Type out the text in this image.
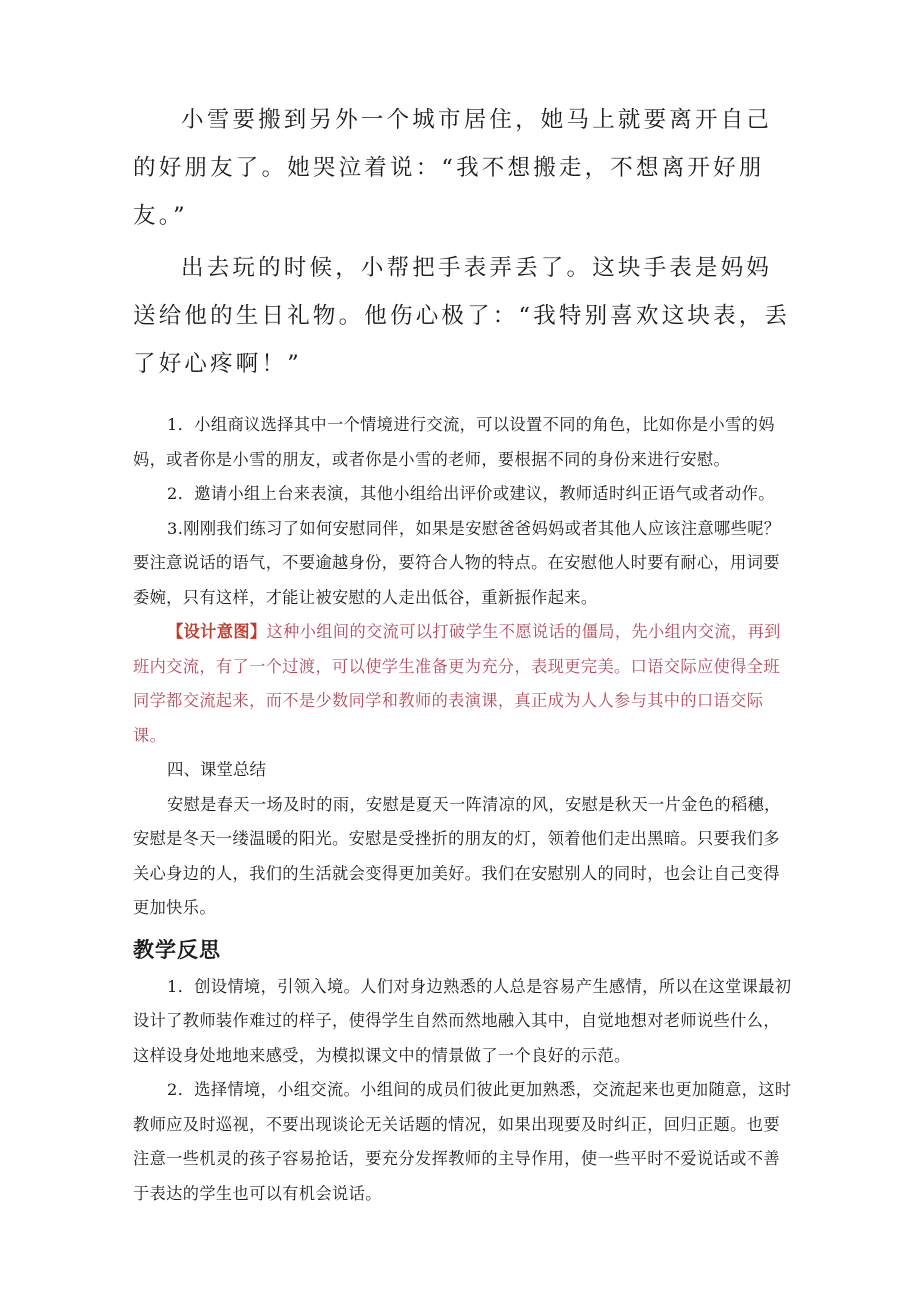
小雪要搬到另外一个城市居住，她马上就要离开自己的好朋友了。她哭泣着说：“我不想搬走，不想离开好朋友。”

出去玩的时候，小帮把手表弄丢了。这块手表是妈妈送给他的生日礼物。他伤心极了：“我特别喜欢这块表，丢了好心疼啊！”

1．小组商议选择其中一个情境进行交流，可以设置不同的角色，比如你是小雪的妈妈，或者你是小雪的朋友，或者你是小雪的老师，要根据不同的身份来进行安慰。

2．邀请小组上台来表演，其他小组给出评价或建议，教师适时纠正语气或者动作。

3.刚刚我们练习了如何安慰同伴，如果是安慰爸爸妈妈或者其他人应该注意哪些呢？要注意说话的语气，不要逾越身份，要符合人物的特点。在安慰他人时要有耐心，用词要委婉，只有这样，才能让被安慰的人走出低谷，重新振作起来。

【设计意图】这种小组间的交流可以打破学生不愿说话的僵局，先小组内交流，再到班内交流，有了一个过渡，可以使学生准备更为充分，表现更完美。口语交际应使得全班同学都交流起来，而不是少数同学和教师的表演课，真正成为人人参与其中的口语交际课。

四、课堂总结

安慰是春天一场及时的雨，安慰是夏天一阵清凉的风，安慰是秋天一片金色的稻穗，安慰是冬天一缕温暖的阳光。安慰是受挫折的朋友的灯，领着他们走出黑暗。只要我们多关心身边的人，我们的生活就会变得更加美好。我们在安慰别人的同时，也会让自己变得更加快乐。

教学反思

1．创设情境，引领入境。人们对身边熟悉的人总是容易产生感情，所以在这堂课最初设计了教师装作难过的样子，使得学生自然而然地融入其中，自觉地想对老师说些什么，这样设身处地地来感受，为模拟课文中的情景做了一个良好的示范。

2．选择情境，小组交流。小组间的成员们彼此更加熟悉，交流起来也更加随意，这时教师应及时巡视，不要出现谈论无关话题的情况，如果出现要及时纠正，回归正题。也要注意一些机灵的孩子容易抢话，要充分发挥教师的主导作用，使一些平时不爱说话或不善于表达的学生也可以有机会说话。
